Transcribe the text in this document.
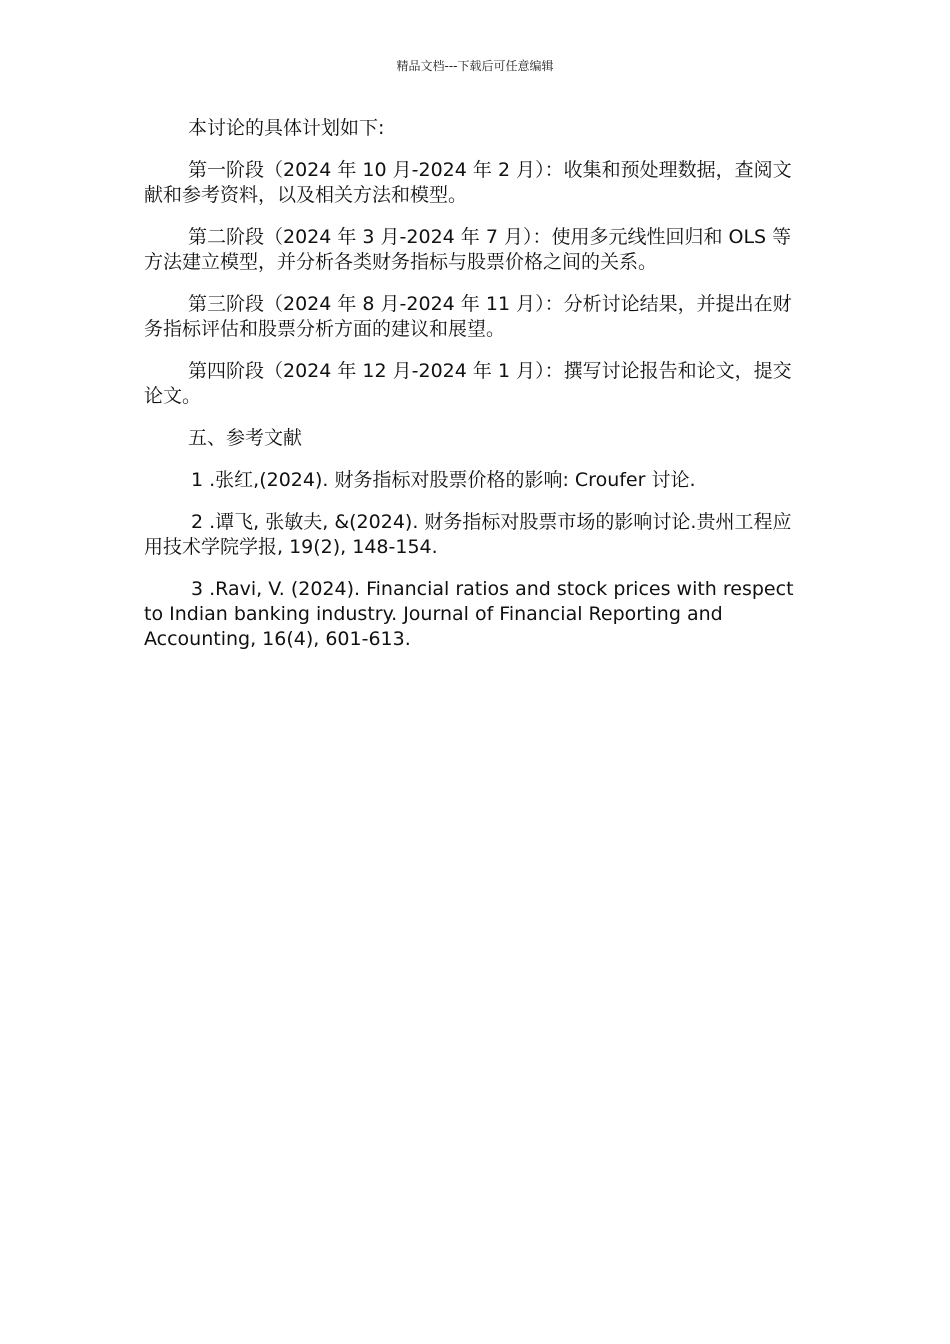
精品文档---下载后可任意编辑

本讨论的具体计划如下:

第一阶段（2024 年 10 月-2024 年 2 月）：收集和预处理数据，查阅文献和参考资料，以及相关方法和模型。

第二阶段（2024 年 3 月-2024 年 7 月）：使用多元线性回归和 OLS 等方法建立模型，并分析各类财务指标与股票价格之间的关系。

第三阶段（2024 年 8 月-2024 年 11 月）：分析讨论结果，并提出在财务指标评估和股票分析方面的建议和展望。

第四阶段（2024 年 12 月-2024 年 1 月）：撰写讨论报告和论文，提交论文。

五、参考文献

1 .张红,(2024). 财务指标对股票价格的影响: Croufer 讨论.

2 .谭飞, 张敏夫, &(2024). 财务指标对股票市场的影响讨论.贵州工程应用技术学院学报, 19(2), 148-154.

3 .Ravi, V. (2024). Financial ratios and stock prices with respect to Indian banking industry. Journal of Financial Reporting and Accounting, 16(4), 601-613.
